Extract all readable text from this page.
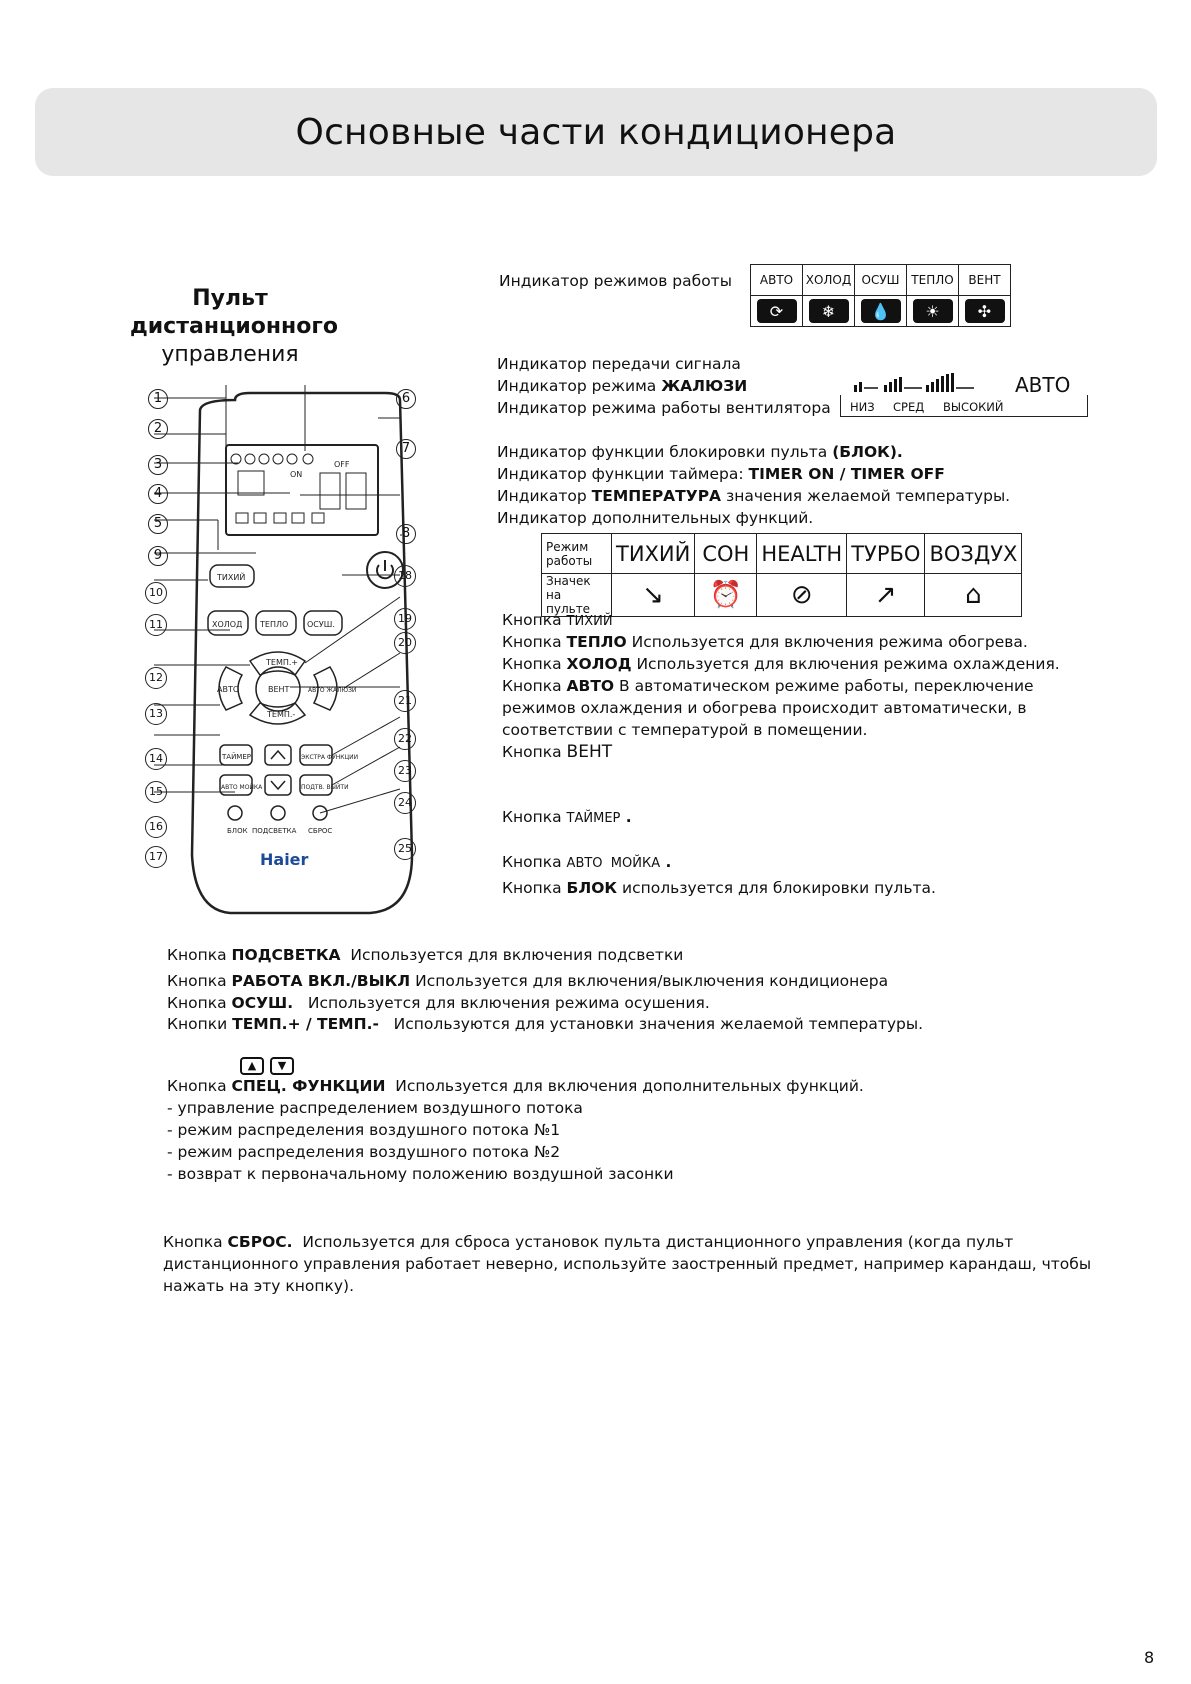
Основные части кондиционера
Пульт
дистанционного
управления
ON
OFF
ТИХИЙ
ХОЛОД ТЕПЛО ОСУШ.
ТЕМП.+
ТЕМП.-
АВТО	ВЕНТ	АВТО ЖАЛЮЗИ
ТАЙМЕР	ЭКСТРА ФУНКЦИИ
АВТО МОЙКА	ПОДТВ. ВЫЙТИ
БЛОК ПОДСВЕТКА СБРОС
Haier
1
2
3
4
5
9
10
11
12
13
14
15
16
17
6
7
8
18
19
20
21
22
23
24
25
Индикатор режимов работы АВТО	ХОЛОД	ОСУШ	ТЕПЛО	ВЕНТ
⟳	❄	💧	☀	✣
Индикатор передачи сигнала
Индикатор режима ЖАЛЮЗИ
Индикатор режима работы вентилятора НИЗ СРЕД ВЫСОКИЙ
АВТО
Индикатор функции блокировки пульта (БЛОК).
Индикатор функции таймера: TIMER ON / TIMER OFF
Индикатор ТЕМПЕРАТУРА значения желаемой температуры.
Индикатор дополнительных функций.
Режим работы	ТИХИЙ	СОН	HEALTH	ТУРБО	ВОЗДУХ
Значек на пульте	↘	⏰	⊘	↗	⌂
Кнопка ТИХИЙ
Кнопка ТЕПЛО Используется для включения режима обогрева.
Кнопка ХОЛОД Используется для включения режима охлаждения.
Кнопка АВТО В автоматическом режиме работы, переключение
режимов охлаждения и обогрева происходит автоматически, в
соответствии с температурой в помещении.
Кнопка ВЕНТ
Кнопка ТАЙМЕР .
Кнопка АВТО  МОЙКА .
Кнопка БЛОК используется для блокировки пульта.
Кнопка ПОДСВЕТКА  Используется для включения подсветки
Кнопка РАБОТА ВКЛ./ВЫКЛ Используется для включения/выключения кондиционера
Кнопка ОСУШ.   Используется для включения режима осушения.
Кнопки ТЕМП.+ / ТЕМП.-   Используются для установки значения желаемой температуры.
▲ ▼
Кнопка СПЕЦ. ФУНКЦИИ  Используется для включения дополнительных функций.
- управление распределением воздушного потока
- режим распределения воздушного потока №1
- режим распределения воздушного потока №2
- возврат к первоначальному положению воздушной засонки
Кнопка СБРОС.  Используется для сброса установок пульта дистанционного управления (когда пульт
дистанционного управления работает неверно, используйте заостренный предмет, например карандаш, чтобы
нажать на эту кнопку).
8
